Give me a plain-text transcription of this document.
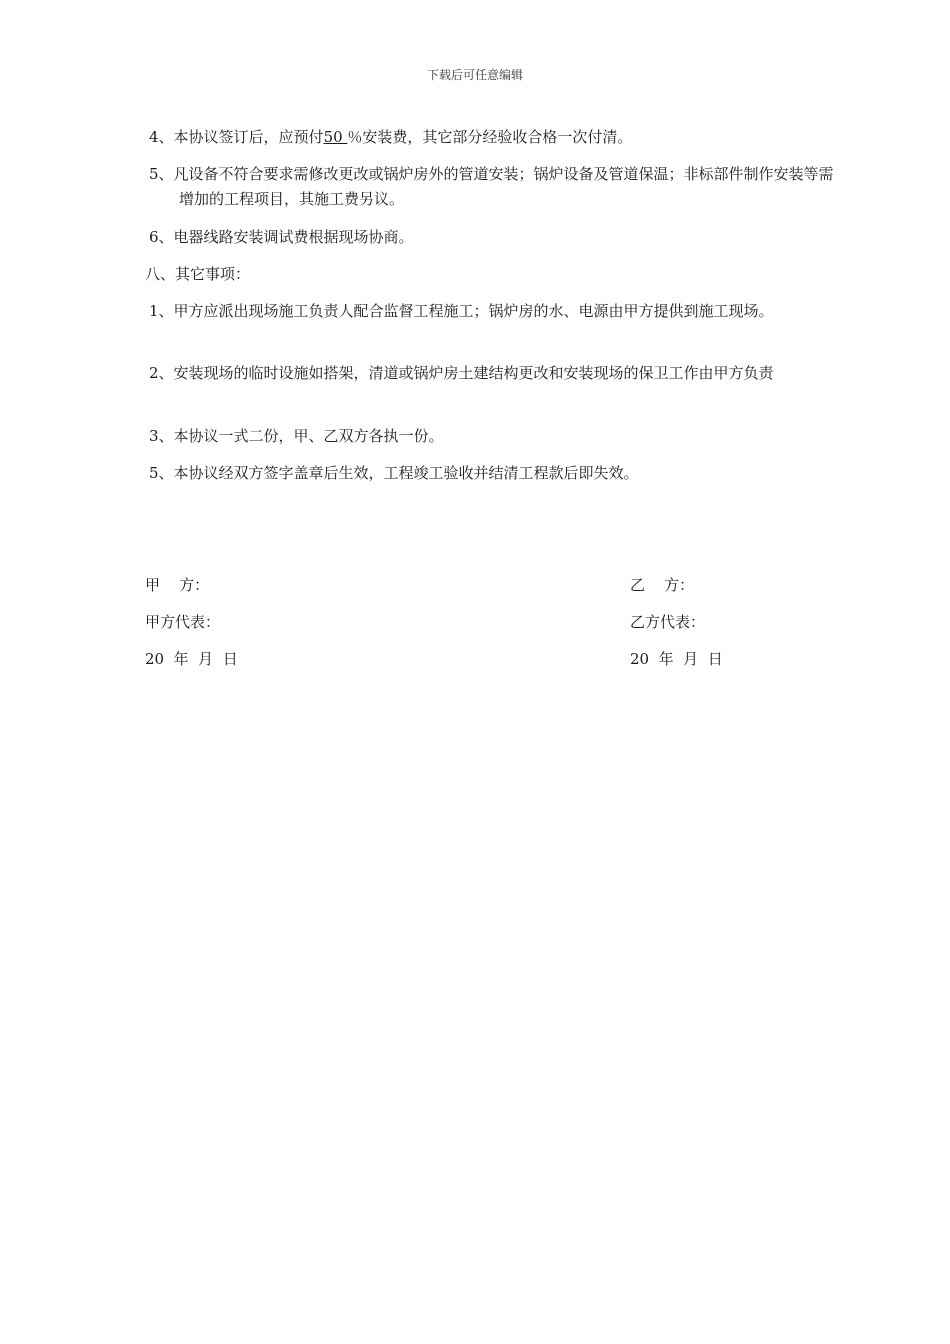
下载后可任意编辑
4、本协议签订后，应预付50 ％安装费，其它部分经验收合格一次付清。
5、凡设备不符合要求需修改更改或锅炉房外的管道安装；锅炉设备及管道保温；非标部件制作安装等需增加的工程项目，其施工费另议。
6、电器线路安装调试费根据现场协商。
八、其它事项：
1、甲方应派出现场施工负责人配合监督工程施工；锅炉房的水、电源由甲方提供到施工现场。
2、安装现场的临时设施如搭架，清道或锅炉房土建结构更改和安装现场的保卫工作由甲方负责
3、本协议一式二份，甲、乙双方各执一份。
5、本协议经双方签字盖章后生效，工程竣工验收并结清工程款后即失效。
甲    方：
甲方代表：
20  年  月  日
乙    方：
乙方代表：
20  年  月  日
